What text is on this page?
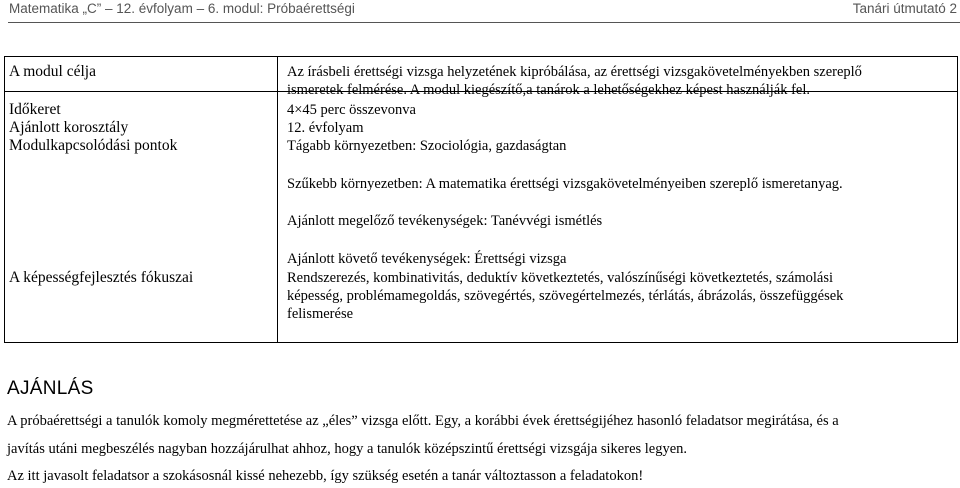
Matematika „C” – 12. évfolyam – 6. modul: Próbaérettségi	Tanári útmutató 2
A modul célja
Időkeret
Ajánlott korosztály
Modulkapcsolódási pontok
A képességfejlesztés fókuszai
Az írásbeli érettségi vizsga helyzetének kipróbálása, az érettségi vizsgakövetelményekben szereplő
ismeretek felmérése. A modul kiegészítő,a tanárok a lehetőségekhez képest használják fel.
4×45 perc összevonva
12. évfolyam
Tágabb környezetben: Szociológia, gazdaságtan
Szűkebb környezetben: A matematika érettségi vizsgakövetelményeiben szereplő ismeretanyag.
Ajánlott megelőző tevékenységek: Tanévvégi ismétlés
Ajánlott követő tevékenységek: Érettségi vizsga
Rendszerezés, kombinativitás, deduktív következtetés, valószínűségi következtetés, számolási
képesség, problémamegoldás, szövegértés, szövegértelmezés, térlátás, ábrázolás, összefüggések
felismerése
AJÁNLÁS
A próbaérettségi a tanulók komoly megmérettetése az „éles” vizsga előtt. Egy, a korábbi évek érettségijéhez hasonló feladatsor megirátása, és a
javítás utáni megbeszélés nagyban hozzájárulhat ahhoz, hogy a tanulók középszintű érettségi vizsgája sikeres legyen.
Az itt javasolt feladatsor a szokásosnál kissé nehezebb, így szükség esetén a tanár változtasson a feladatokon!
